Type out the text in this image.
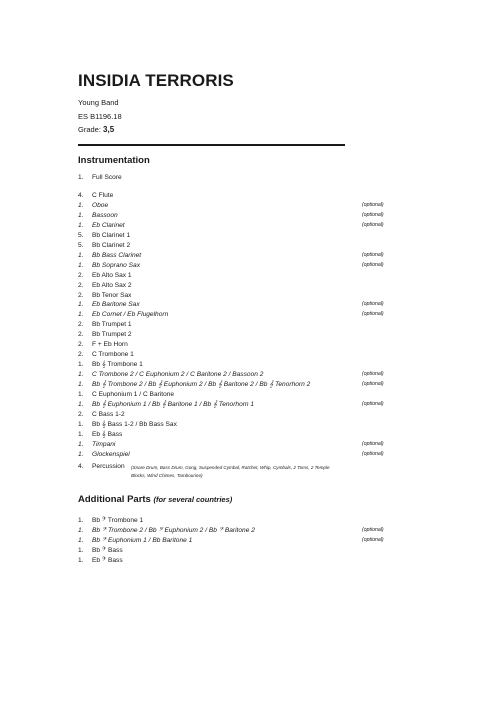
INSIDIA TERRORIS
Young Band
ES B1196.18
Grade: 3,5
Instrumentation
1.	Full Score
4.	C Flute
1.	Oboe	(optional)
1.	Bassoon	(optional)
1.	Eb Clarinet	(optional)
5.	Bb Clarinet 1
5.	Bb Clarinet 2
1.	Bb Bass Clarinet	(optional)
1.	Bb Soprano Sax	(optional)
2.	Eb Alto Sax 1
2.	Eb Alto Sax 2
2.	Bb Tenor Sax
1.	Eb Baritone Sax	(optional)
1.	Eb Cornet / Eb Flugelhorn	(optional)
2.	Bb Trumpet 1
2.	Bb Trumpet 2
2.	F + Eb Horn
2.	C Trombone 1
1.	Bb 𝄞 Trombone 1
1.	C Trombone 2 / C Euphonium 2 / C Baritone 2 / Bassoon 2	(optional)
1.	Bb 𝄞 Trombone 2 / Bb 𝄞 Euphonium 2 / Bb 𝄞 Baritone 2 / Bb 𝄞 Tenorhorn 2	(optional)
1.	C Euphonium 1 / C Baritone
1.	Bb 𝄞 Euphonium 1 / Bb 𝄞 Baritone 1 / Bb 𝄞 Tenorhorn 1	(optional)
2.	C Bass 1-2
1.	Bb 𝄞 Bass 1-2 / Bb Bass Sax
1.	Eb 𝄞 Bass
1.	Timpani	(optional)
1.	Glockenspiel	(optional)
4. Percussion (Snare Drum, Bass Drum, Gong, Suspended Cymbal, Ratchet, Whip, Cymbals, 2 Toms, 2 Temple Blocks, Wind Chimes, Tambourine)
Additional Parts (for several countries)
1.	Bb 𝄢 Trombone 1
1.	Bb 𝄢 Trombone 2 / Bb 𝄢 Euphonium 2 / Bb 𝄢 Baritone 2	(optional)
1.	Bb 𝄢 Euphonium 1 / Bb Baritone 1	(optional)
1.	Bb 𝄢 Bass
1.	Eb 𝄢 Bass
